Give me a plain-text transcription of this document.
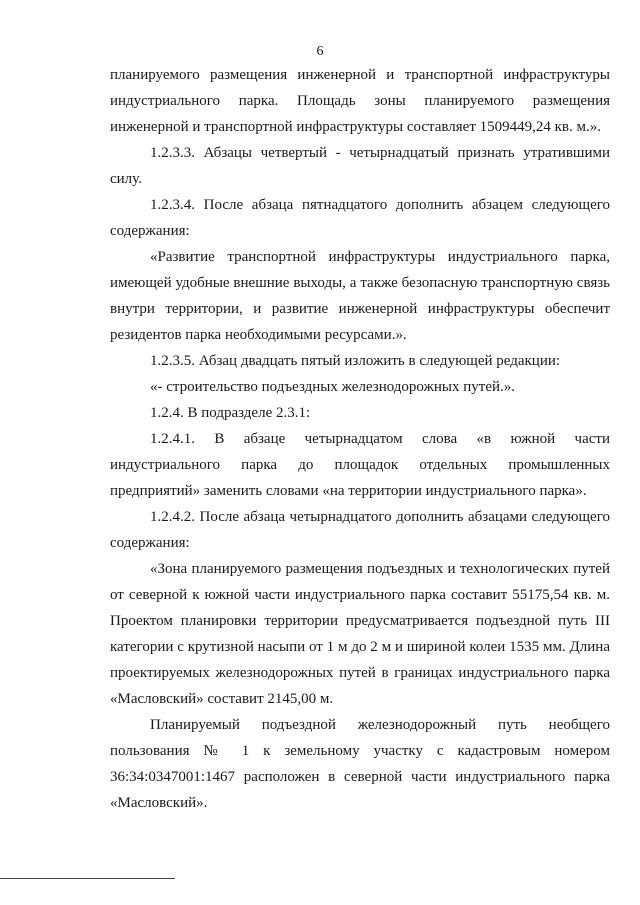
6

планируемого размещения инженерной и транспортной инфраструктуры индустриального парка. Площадь зоны планируемого размещения инженерной и транспортной инфраструктуры составляет 1509449,24 кв. м.».

1.2.3.3. Абзацы четвертый - четырнадцатый признать утратившими силу.

1.2.3.4. После абзаца пятнадцатого дополнить абзацем следующего содержания:

«Развитие транспортной инфраструктуры индустриального парка, имеющей удобные внешние выходы, а также безопасную транспортную связь внутри территории, и развитие инженерной инфраструктуры обеспечит резидентов парка необходимыми ресурсами.».

1.2.3.5. Абзац двадцать пятый изложить в следующей редакции:

«- строительство подъездных железнодорожных путей.».

1.2.4. В подразделе 2.3.1:

1.2.4.1. В абзаце четырнадцатом слова «в южной части индустриального парка до площадок отдельных промышленных предприятий» заменить словами «на территории индустриального парка».

1.2.4.2. После абзаца четырнадцатого дополнить абзацами следующего содержания:

«Зона планируемого размещения подъездных и технологических путей от северной к южной части индустриального парка составит 55175,54 кв. м. Проектом планировки территории предусматривается подъездной путь III категории с крутизной насыпи от 1 м до 2 м и шириной колеи 1535 мм. Длина проектируемых железнодорожных путей в границах индустриального парка «Масловский» составит 2145,00 м.

Планируемый подъездной железнодорожный путь необщего пользования № 1 к земельному участку с кадастровым номером 36:34:0347001:1467 расположен в северной части индустриального парка «Масловский».
